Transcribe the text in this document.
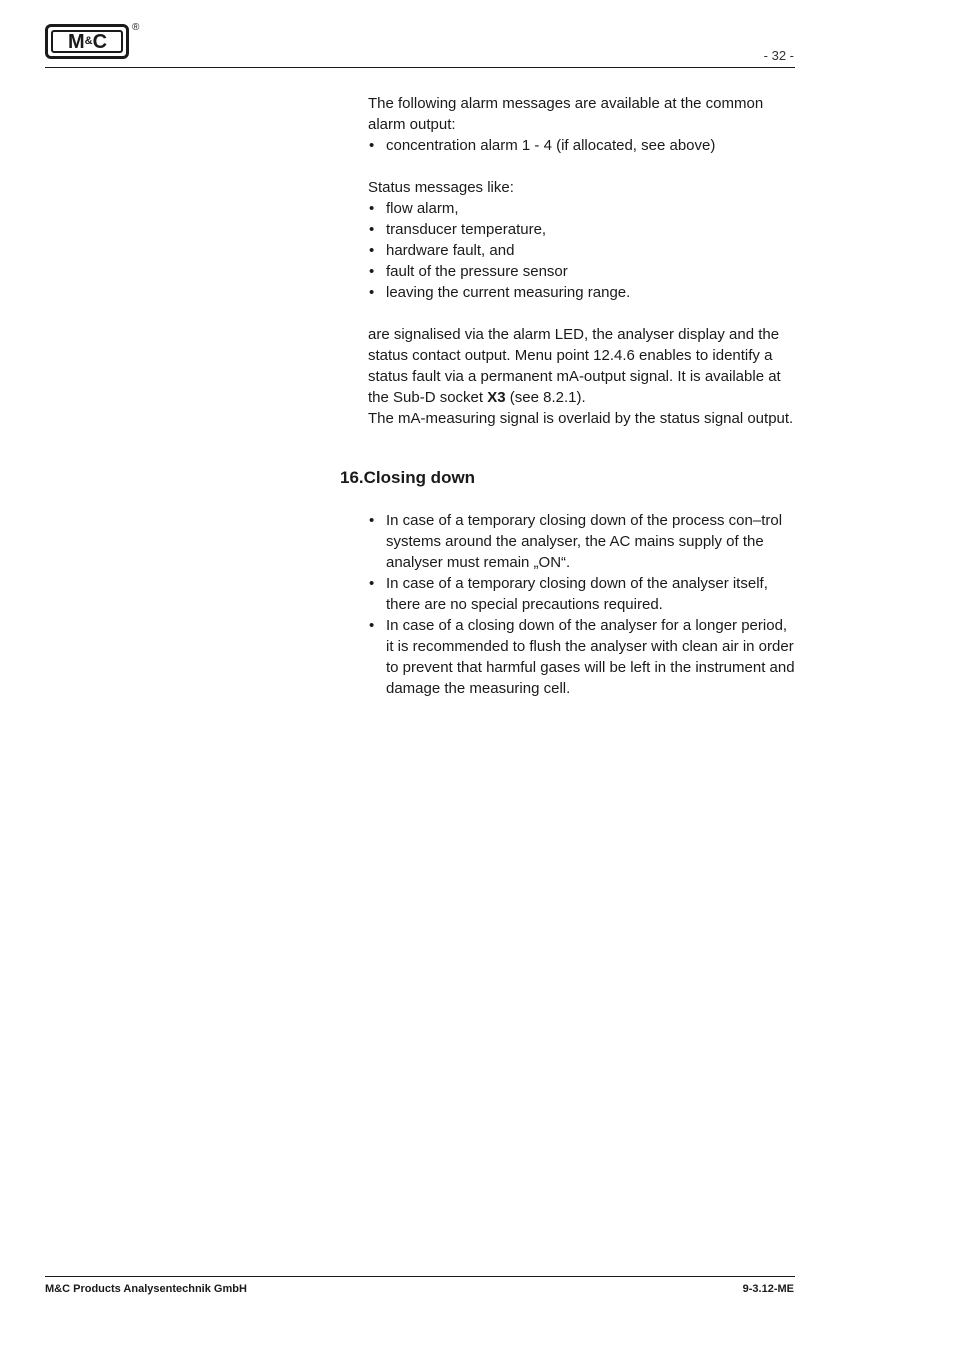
M & C
®
- 32 -

The following alarm messages are available at the common alarm output:

• concentration alarm 1 - 4 (if allocated, see above)

Status messages like:

• flow alarm,
• transducer temperature,
• hardware fault, and
• fault of the pressure sensor
• leaving the current measuring range.

are signalised via the alarm LED, the analyser display and the status contact output. Menu point 12.4.6 enables to identify a status fault via a permanent mA-output signal. It is available at the Sub-D socket X3 (see 8.2.1).

The mA-measuring signal is overlaid by the status signal output.

16.Closing down
• In case of a temporary closing down of the process con–trol systems around the analyser, the AC mains supply of the analyser must remain „ON“.
• In case of a temporary closing down of the analyser itself, there are no special precautions required.
• In case of a closing down of the analyser for a longer period, it is recommended to flush the analyser with clean air in order to prevent that harmful gases will be left in the instrument and damage the measuring cell.
M&C Products Analysentechnik GmbH	9-3.12-ME
